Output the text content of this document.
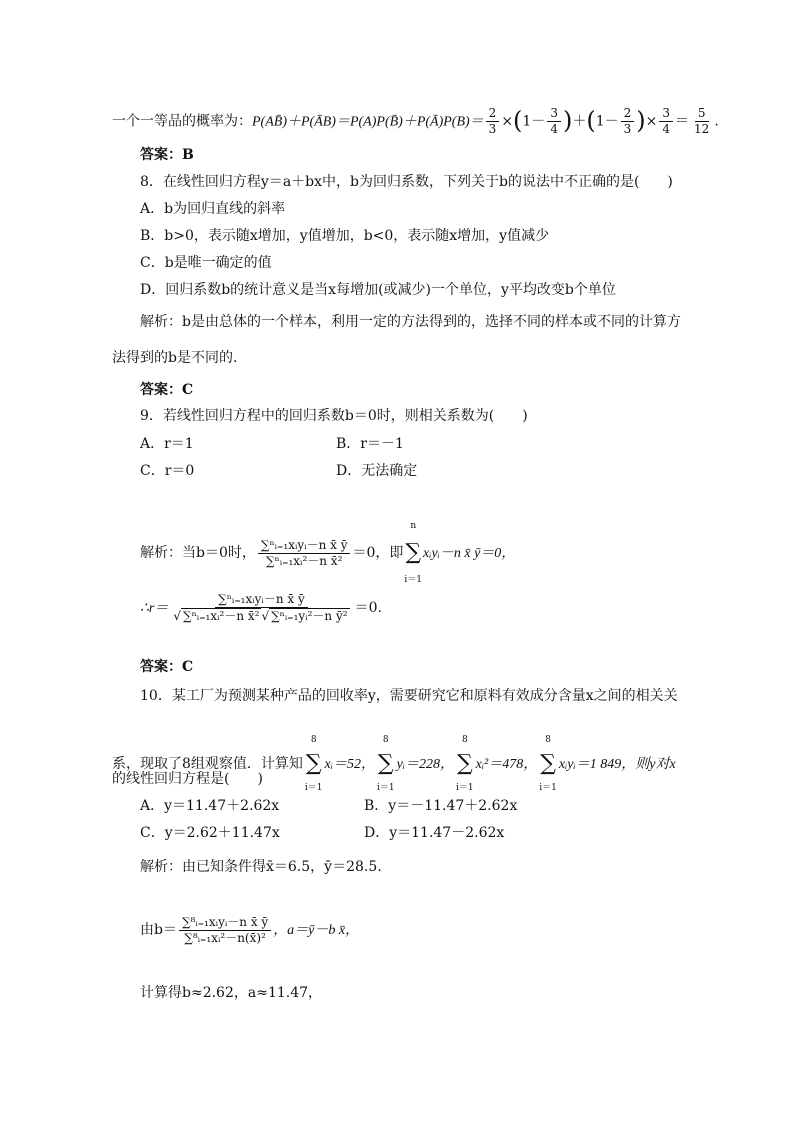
一个一等品的概率为：P(AB̄)＋P(ĀB)＝P(A)P(B̄)＋P(Ā)P(B)＝ $\frac{2}{3} \times(1- \frac{3}{4} )+(1- \frac{2}{3}$ )× $\frac{3}{4} = \frac{5}{12}$ .
答案：B
8．在线性回归方程y＝a＋bx中，b为回归系数，下列关于b的说法中不正确的是(　　)
A．b为回归直线的斜率
B．b>0，表示随x增加，y值增加，b<0，表示随x增加，y值减少
C．b是唯一确定的值
D．回归系数b的统计意义是当x每增加(或减少)一个单位，y平均改变b个单位
解析：b是由总体的一个样本，利用一定的方法得到的，选择不同的样本或不同的计算方
法得到的b是不同的．
答案：C
9．若线性回归方程中的回归系数b＝0时，则相关系数为(　　)
A．r＝1	B．r＝－1
C．r＝0	D．无法确定
解析：当b＝0时， $\frac{\text{∑ⁿᵢ₌₁xᵢyᵢ－n x̄ ȳ}}{\text{∑ⁿᵢ₌₁xᵢ²－n x̄²}} =0$，即
n
∑
i＝1
xᵢyᵢ－n x̄ ȳ＝0，
∴r＝ $\frac{\text{∑ⁿᵢ₌₁xᵢyᵢ－n x̄ ȳ}}{\text{√ ∑ⁿᵢ₌₁xᵢ²－n x̄² √ ∑ⁿᵢ₌₁yᵢ²－n ȳ²}} =0$.
答案：C
10．某工厂为预测某种产品的回收率y，需要研究它和原料有效成分含量x之间的相关关
系，现取了8组观察值．计算知
8
∑
i＝1
xᵢ＝52，
8
∑
i＝1
yᵢ＝228，
8
∑
i＝1
xᵢ²＝478，
8
∑
i＝1
xᵢyᵢ＝1 849，则y对x
的线性回归方程是(　　)
A．y＝11.47＋2.62x	B．y＝－11.47＋2.62x
C．y＝2.62＋11.47x	D．y＝11.47－2.62x
解析：由已知条件得x̄＝6.5，ȳ＝28.5.
由$b= \frac{\text{∑⁸ᵢ₌₁xᵢyᵢ－n x̄ ȳ}}{\text{∑⁸ᵢ₌₁xᵢ²－n(x̄)²}}$ ，a＝ȳ－b x̄，
计算得b≈2.62，a≈11.47，
